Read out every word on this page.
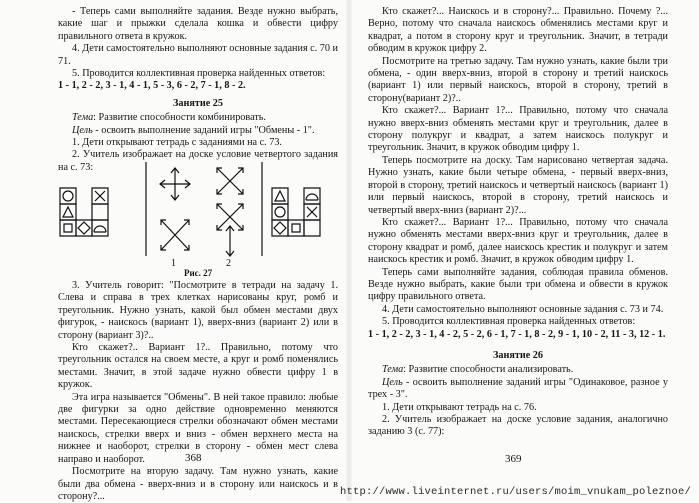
- Теперь сами выполняйте задания. Везде нужно выбрать, какие шаг и прыжки сделала кошка и обвести цифру правильного ответа в кружок.

4. Дети самостоятельно выполняют основные задания с. 70 и 71.

5. Проводится коллективная проверка найденных ответов:

1 - 1, 2 - 2, 3 - 1, 4 - 1, 5 - 3, 6 - 2, 7 - 1, 8 - 2.

Занятие 25

Тема: Развитие способности комбинировать.

Цель - освоить выполнение заданий игры "Обмены - 1".

1. Дети открывают тетрадь с заданиями на с. 73.

2. Учитель изображает на доске условие четвертого задания на с. 73:

1	2
Рис. 27

3. Учитель говорит: "Посмотрите в тетради на задачу 1. Слева и справа в трех клетках нарисованы круг, ромб и треугольник. Нужно узнать, какой был обмен местами двух фигурок, - наискось (вариант 1), вверх-вниз (вариант 2) или в сторону (вариант 3)?..

Кто скажет?.. Вариант 1?.. Правильно, потому что треугольник остался на своем месте, а круг и ромб поменялись местами. Значит, в этой задаче нужно обвести цифру 1 в кружок.

Эта игра называется "Обмены". В ней такое правило: любые две фигурки за одно действие одновременно меняются местами. Пересекающиеся стрелки обозначают обмен местами наискось, стрелки вверх и вниз - обмен верхнего места на нижнее и наоборот, стрелки в сторону - обмен мест слева направо и наоборот.

Посмотрите на вторую задачу. Там нужно узнать, какие были два обмена - вверх-вниз и в сторону или наискось и в сторону?...

368

Кто скажет?... Наискось и в сторону?... Правильно. Почему ?... Верно, потому что сначала наискось обменялись местами круг и квадрат, а потом в сторону круг и треугольник. Значит, в тетради обводим в кружок цифру 2.

Посмотрите на третью задачу. Там нужно узнать, какие были три обмена, - один вверх-вниз, второй в сторону и третий наискось (вариант 1) или первый наискось, второй в сторону, третий в сторону(вариант 2)?..

Кто скажет?... Вариант 1?... Правильно, потому что сначала нужно вверх-вниз обменять местами круг и треугольник, далее в сторону полукруг и квадрат, а затем наискось полукруг и треугольник. Значит, в кружок обводим цифру 1.

Теперь посмотрите на доску. Там нарисовано четвертая задача. Нужно узнать, какие были четыре обмена, - первый вверх-вниз, второй в сторону, третий наискось и четвертый наискось (вариант 1) или первый наискось, второй в сторону, третий наискось и четвертый вверх-вниз (вариант 2)?...

Кто скажет?... Вариант 1?... Правильно, потому что сначала нужно обменять местами вверх-вниз круг и треугольник, далее в сторону квадрат и ромб, далее наискось крестик и полукруг и затем наискось крестик и ромб. Значит, в кружок обводим цифру 1.

Теперь сами выполняйте задания, соблюдая правила обменов. Везде нужно выбрать, какие были три обмена и обвести в кружок цифру правильного ответа.

4. Дети самостоятельно выполняют основные задания с. 73 и 74.

5. Проводится коллективная проверка найденных ответов:

1 - 1, 2 - 2, 3 - 1, 4 - 2, 5 - 2, 6 - 1, 7 - 1, 8 - 2, 9 - 1, 10 - 2, 11 - 3, 12 - 1.

Занятие 26

Тема: Развитие способности анализировать.

Цель - освоить выполнение заданий игры "Одинаковое, разное у трех - 3".

1. Дети открывают тетрадь на с. 76.

2. Учитель изображает на доске условие задания, аналогично заданию 3 (с. 77):

369
http://www.liveinternet.ru/users/moim_vnukam_poleznoe/
